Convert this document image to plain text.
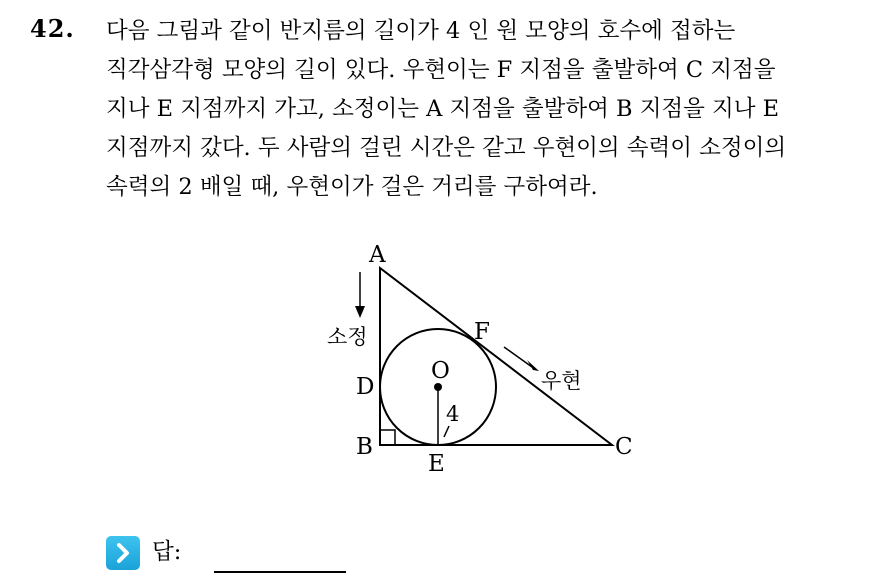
42. 다음 그림과 같이 반지름의 길이가 4 인 원 모양의 호수에 접하는
직각삼각형 모양의 길이 있다. 우현이는 F 지점을 출발하여 C 지점을
지나 E 지점까지 가고, 소정이는 A 지점을 출발하여 B 지점을 지나 E
지점까지 갔다. 두 사람의 걸린 시간은 같고 우현이의 속력이 소정이의
속력의 2 배일 때, 우현이가 걸은 거리를 구하여라.
A
F
O
D
B
E
C
4
소정
우현
답:
